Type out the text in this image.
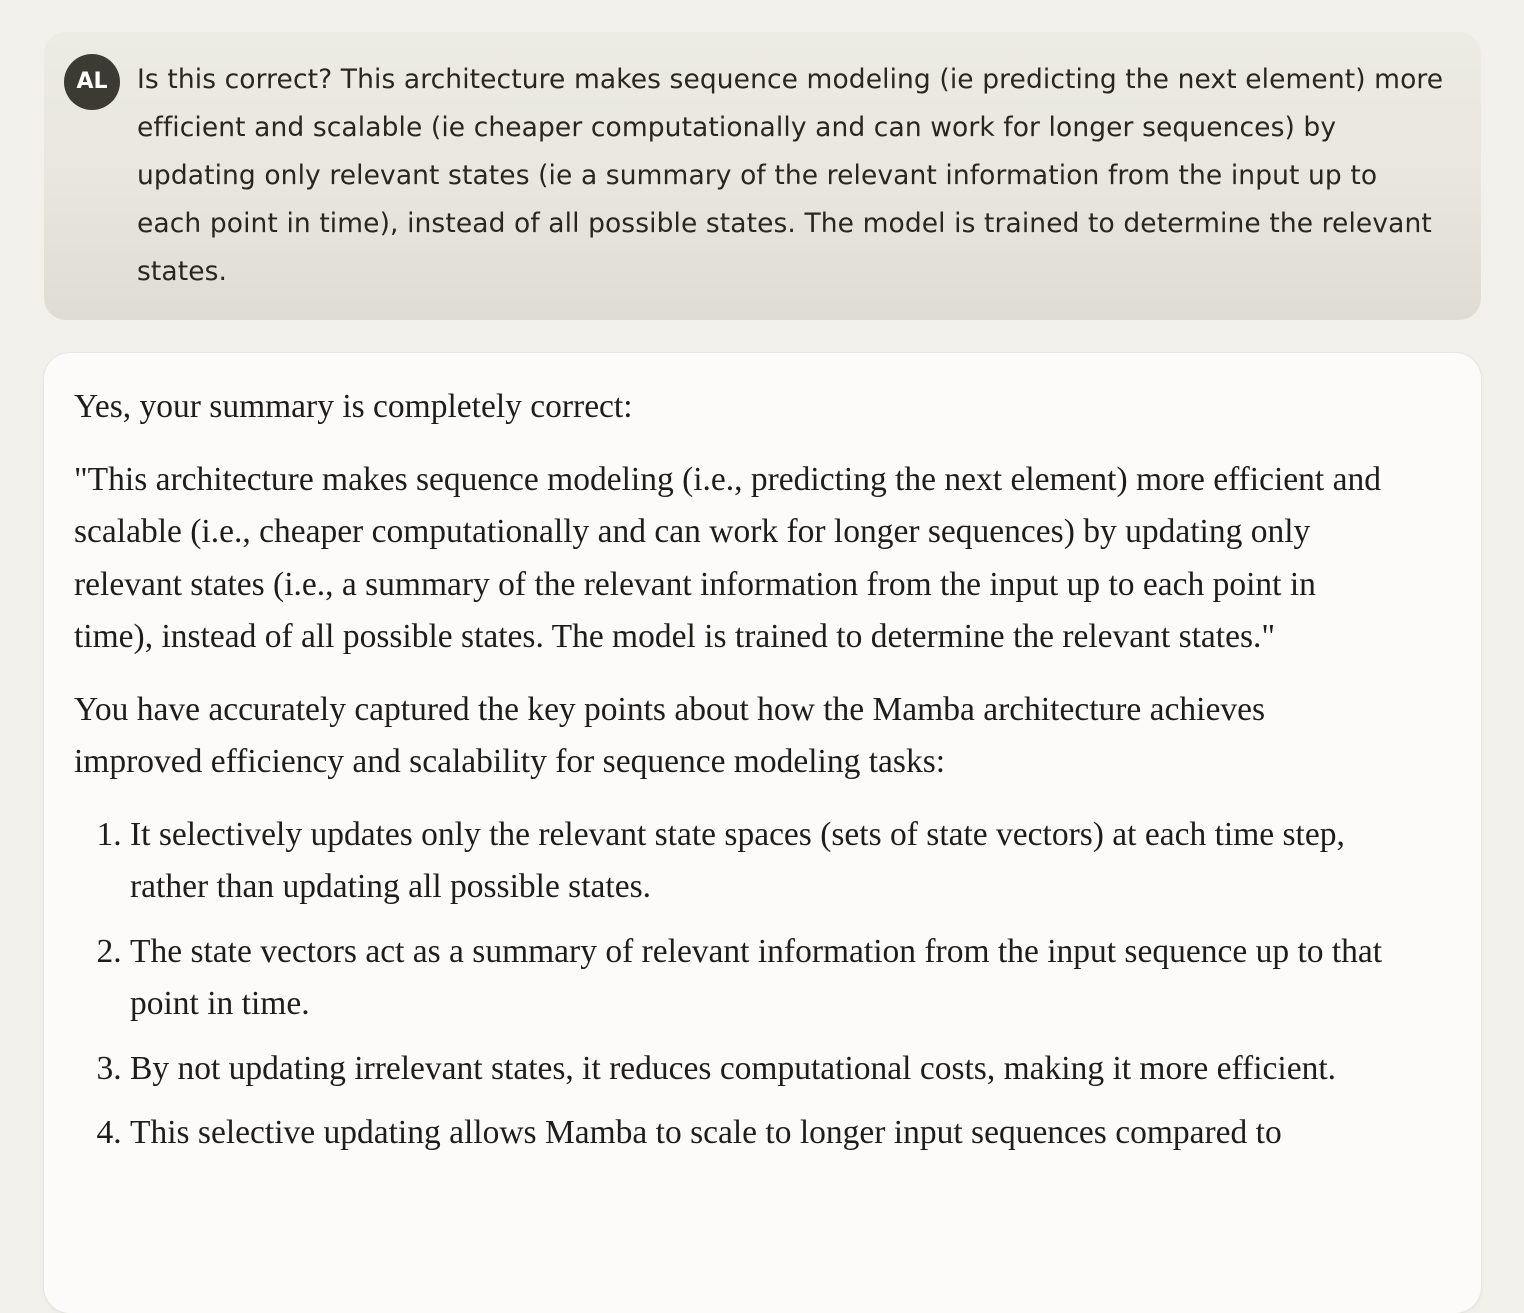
AL	Is this correct? This architecture makes sequence modeling (ie predicting the next element) more efficient and scalable (ie cheaper computationally and can work for longer sequences) by updating only relevant states (ie a summary of the relevant information from the input up to each point in time), instead of all possible states. The model is trained to determine the relevant states.

Yes, your summary is completely correct:

"This architecture makes sequence modeling (i.e., predicting the next element) more efficient and scalable (i.e., cheaper computationally and can work for longer sequences) by updating only relevant states (i.e., a summary of the relevant information from the input up to each point in time), instead of all possible states. The model is trained to determine the relevant states."

You have accurately captured the key points about how the Mamba architecture achieves improved efficiency and scalability for sequence modeling tasks:

1. It selectively updates only the relevant state spaces (sets of state vectors) at each time step, rather than updating all possible states.
2. The state vectors act as a summary of relevant information from the input sequence up to that point in time.
3. By not updating irrelevant states, it reduces computational costs, making it more efficient.
4. This selective updating allows Mamba to scale to longer input sequences compared to
